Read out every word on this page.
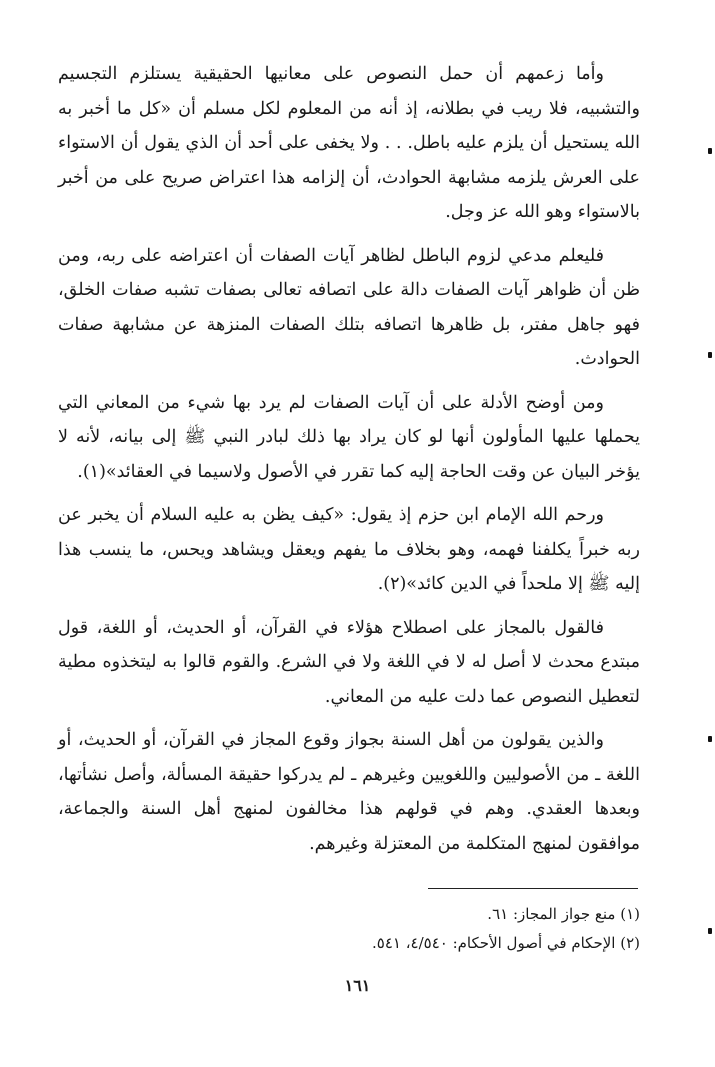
وأما زعمهم أن حمل النصوص على معانيها الحقيقية يستلزم التجسيم والتشبيه، فلا ريب في بطلانه، إذ أنه من المعلوم لكل مسلم أن «كل ما أخبر به الله يستحيل أن يلزم عليه باطل. . . ولا يخفى على أحد أن الذي يقول أن الاستواء على العرش يلزمه مشابهة الحوادث، أن إلزامه هذا اعتراض صريح على من أخبر بالاستواء وهو الله عز وجل.

فليعلم مدعي لزوم الباطل لظاهر آيات الصفات أن اعتراضه على ربه، ومن ظن أن ظواهر آيات الصفات دالة على اتصافه تعالى بصفات تشبه صفات الخلق، فهو جاهل مفتر، بل ظاهرها اتصافه بتلك الصفات المنزهة عن مشابهة صفات الحوادث.

ومن أوضح الأدلة على أن آيات الصفات لم يرد بها شيء من المعاني التي يحملها عليها المأولون أنها لو كان يراد بها ذلك لبادر النبي ﷺ إلى بيانه، لأنه لا يؤخر البيان عن وقت الحاجة إليه كما تقرر في الأصول ولاسيما في العقائد»(١).

ورحم الله الإمام ابن حزم إذ يقول: «كيف يظن به عليه السلام أن يخبر عن ربه خبراً يكلفنا فهمه، وهو بخلاف ما يفهم ويعقل ويشاهد ويحس، ما ينسب هذا إليه ﷺ إلا ملحداً في الدين كائد»(٢).

فالقول بالمجاز على اصطلاح هؤلاء في القرآن، أو الحديث، أو اللغة، قول مبتدع محدث لا أصل له لا في اللغة ولا في الشرع. والقوم قالوا به ليتخذوه مطية لتعطيل النصوص عما دلت عليه من المعاني.

والذين يقولون من أهل السنة بجواز وقوع المجاز في القرآن، أو الحديث، أو اللغة ـ من الأصوليين واللغويين وغيرهم ـ لم يدركوا حقيقة المسألة، وأصل نشأتها، وبعدها العقدي. وهم في قولهم هذا مخالفون لمنهج أهل السنة والجماعة، موافقون لمنهج المتكلمة من المعتزلة وغيرهم.

(١) منع جواز المجاز: ٦١.

(٢) الإحكام في أصول الأحكام: ٤/٥٤٠، ٥٤١.

١٦١
